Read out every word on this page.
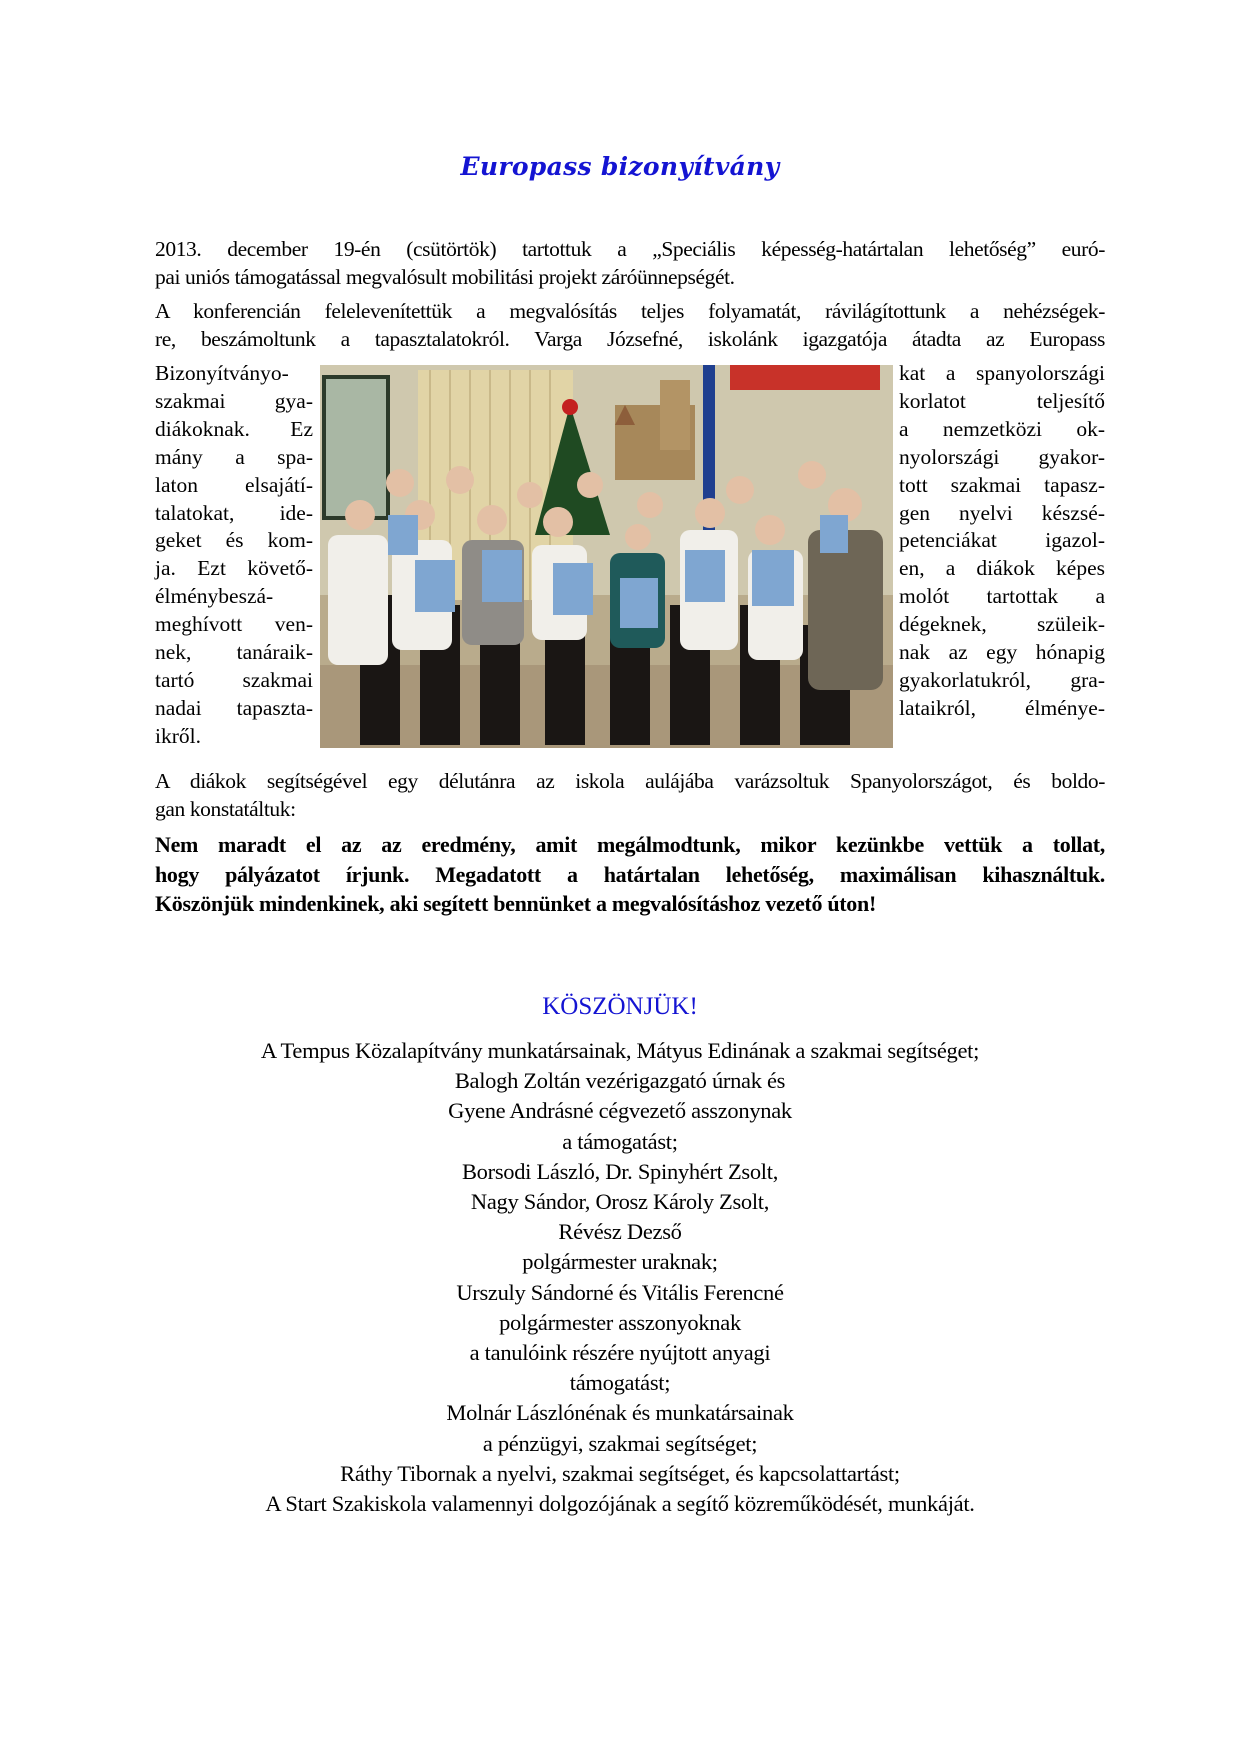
Europass bizonyítvány
2013. december 19-én (csütörtök) tartottuk a „Speciális képesség-határtalan lehetőség” euró-
pai uniós támogatással megvalósult mobilitási projekt záróünnepségét.
A konferencián felelevenítettük a megvalósítás teljes folyamatát, rávilágítottunk a nehézségek-
re, beszámoltunk a tapasztalatokról. Varga Józsefné, iskolánk igazgatója átadta az Europass
Bizonyítványo-
szakmai gya-
diákoknak. Ez
mány a spa-
laton elsajátí-
talatokat, ide-
geket és kom-
ja. Ezt követő-
élménybeszá-
meghívott ven-
nek, tanáraik-
tartó szakmai
nadai tapaszta-
ikről.
kat a spanyolországi
korlatot teljesítő
a nemzetközi ok-
nyolországi gyakor-
tott szakmai tapasz-
gen nyelvi készsé-
petenciákat igazol-
en, a diákok képes
molót tartottak a
dégeknek, szüleik-
nak az egy hónapig
gyakorlatukról, gra-
lataikról, élménye-
A diákok segítségével egy délutánra az iskola aulájába varázsoltuk Spanyolországot, és boldo-
gan konstatáltuk:
Nem maradt el az az eredmény, amit megálmodtunk, mikor kezünkbe vettük a tollat,
hogy pályázatot írjunk. Megadatott a határtalan lehetőség, maximálisan kihasználtuk.
Köszönjük mindenkinek, aki segített bennünket a megvalósításhoz vezető úton!
KÖSZÖNJÜK!
A Tempus Közalapítvány munkatársainak, Mátyus Edinának a szakmai segítséget;
Balogh Zoltán vezérigazgató úrnak és
Gyene Andrásné cégvezető asszonynak
a támogatást;
Borsodi László, Dr. Spinyhért Zsolt,
Nagy Sándor, Orosz Károly Zsolt,
Révész Dezső
polgármester uraknak;
Urszuly Sándorné és Vitális Ferencné
polgármester asszonyoknak
a tanulóink részére nyújtott anyagi
támogatást;
Molnár Lászlónénak és munkatársainak
a pénzügyi, szakmai segítséget;
Ráthy Tibornak a nyelvi, szakmai segítséget, és kapcsolattartást;
A Start Szakiskola valamennyi dolgozójának a segítő közreműködését, munkáját.
